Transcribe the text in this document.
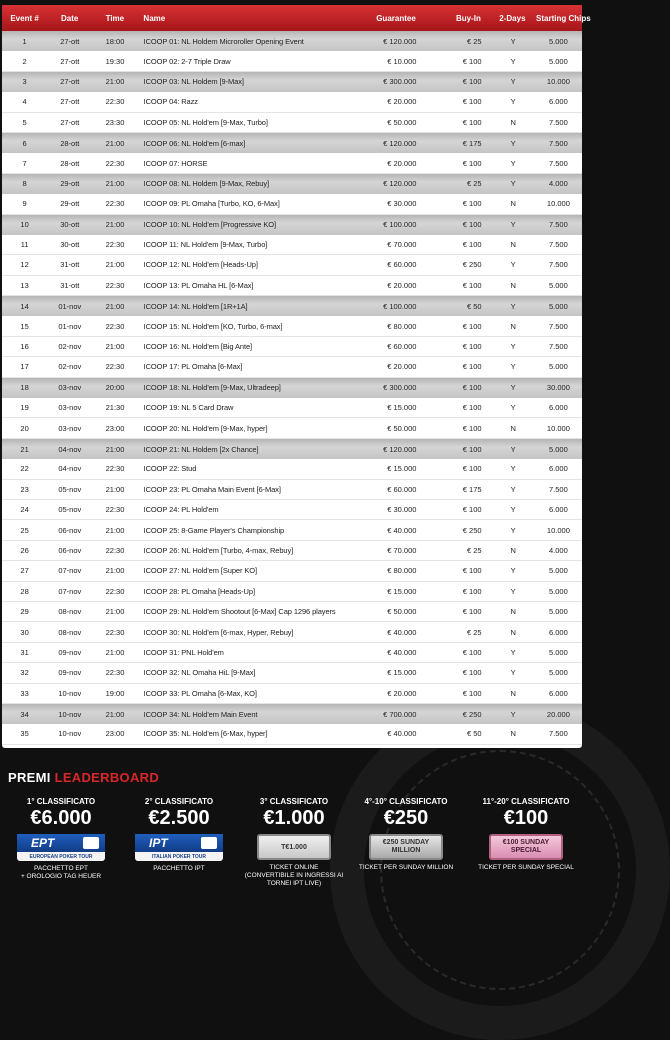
Event #	Date	Time	Name	Guarantee	Buy-In	2-Days	Starting Chips
1	27-ott	18:00	ICOOP 01: NL Holdem Microroller Opening Event	€ 120.000	€ 25	Y	5.000
2	27-ott	19:30	ICOOP 02: 2-7 Triple Draw	€ 10.000	€ 100	Y	5.000
3	27-ott	21:00	ICOOP 03: NL Holdem [9-Max]	€ 300.000	€ 100	Y	10.000
4	27-ott	22:30	ICOOP 04: Razz	€ 20.000	€ 100	Y	6.000
5	27-ott	23:30	ICOOP 05: NL Hold'em [9-Max, Turbo]	€ 50.000	€ 100	N	7.500
6	28-ott	21:00	ICOOP 06: NL Hold'em [6-max]	€ 120.000	€ 175	Y	7.500
7	28-ott	22:30	ICOOP 07: HORSE	€ 20.000	€ 100	Y	7.500
8	29-ott	21:00	ICOOP 08: NL Holdem [9-Max, Rebuy]	€ 120.000	€ 25	Y	4.000
9	29-ott	22:30	ICOOP 09: PL Omaha [Turbo, KO, 6-Max]	€ 30.000	€ 100	N	10.000
10	30-ott	21:00	ICOOP 10: NL Hold'em [Progressive KO]	€ 100.000	€ 100	Y	7.500
11	30-ott	22:30	ICOOP 11: NL Hold'em [9-Max, Turbo]	€ 70.000	€ 100	N	7.500
12	31-ott	21:00	ICOOP 12: NL Hold'em [Heads-Up]	€ 60.000	€ 250	Y	7.500
13	31-ott	22:30	ICOOP 13: PL Omaha HL [6-Max]	€ 20.000	€ 100	N	5.000
14	01-nov	21:00	ICOOP 14: NL Hold'em [1R+1A]	€ 100.000	€ 50	Y	5.000
15	01-nov	22:30	ICOOP 15: NL Hold'em [KO, Turbo, 6-max]	€ 80.000	€ 100	N	7.500
16	02-nov	21:00	ICOOP 16: NL Hold'em [Big Ante]	€ 60.000	€ 100	Y	7.500
17	02-nov	22:30	ICOOP 17: PL Omaha [6-Max]	€ 20.000	€ 100	Y	5.000
18	03-nov	20:00	ICOOP 18: NL Hold'em [9-Max, Ultradeep]	€ 300.000	€ 100	Y	30.000
19	03-nov	21:30	ICOOP 19: NL 5 Card Draw	€ 15.000	€ 100	Y	6.000
20	03-nov	23:00	ICOOP 20: NL Hold'em [9-Max, hyper]	€ 50.000	€ 100	N	10.000
21	04-nov	21:00	ICOOP 21: NL Holdem [2x Chance]	€ 120.000	€ 100	Y	5.000
22	04-nov	22:30	ICOOP 22: Stud	€ 15.000	€ 100	Y	6.000
23	05-nov	21:00	ICOOP 23: PL Omaha Main Event [6-Max]	€ 60.000	€ 175	Y	7.500
24	05-nov	22:30	ICOOP 24: PL Hold'em	€ 30.000	€ 100	Y	6.000
25	06-nov	21:00	ICOOP 25: 8-Game Player's Championship	€ 40.000	€ 250	Y	10.000
26	06-nov	22:30	ICOOP 26: NL Hold'em [Turbo, 4-max, Rebuy]	€ 70.000	€ 25	N	4.000
27	07-nov	21:00	ICOOP 27: NL Hold'em [Super KO]	€ 80.000	€ 100	Y	5.000
28	07-nov	22:30	ICOOP 28: PL Omaha [Heads-Up]	€ 15.000	€ 100	Y	5.000
29	08-nov	21:00	ICOOP 29: NL Hold'em Shootout [6-Max] Cap 1296 players	€ 50.000	€ 100	N	5.000
30	08-nov	22:30	ICOOP 30: NL Hold'em [6-max, Hyper, Rebuy]	€ 40.000	€ 25	N	6.000
31	09-nov	21:00	ICOOP 31: PNL Hold'em	€ 40.000	€ 100	Y	5.000
32	09-nov	22:30	ICOOP 32: NL Omaha HiL [9-Max]	€ 15.000	€ 100	Y	5.000
33	10-nov	19:00	ICOOP 33: PL Omaha [6-Max, KO]	€ 20.000	€ 100	N	6.000
34	10-nov	21:00	ICOOP 34: NL Hold'em Main Event	€ 700.000	€ 250	Y	20.000
35	10-nov	23:00	ICOOP 35: NL Hold'em [6-Max, hyper]	€ 40.000	€ 50	N	7.500
PREMI LEADERBOARD
1° CLASSIFICATO
€6.000
EPT
EUROPEAN POKER TOUR
PACCHETTO EPT
+ OROLOGIO TAG HEUER
2° CLASSIFICATO
€2.500
IPT
ITALIAN POKER TOUR
PACCHETTO IPT
3° CLASSIFICATO
€1.000
T€1.000
TICKET ONLINE
(CONVERTIBILE IN INGRESSI AI
TORNEI IPT LIVE)
4°-10° CLASSIFICATO
€250
€250 SUNDAY
MILLION
TICKET PER SUNDAY MILLION
11°-20° CLASSIFICATO
€100
€100 SUNDAY
SPECIAL
TICKET PER SUNDAY SPECIAL
